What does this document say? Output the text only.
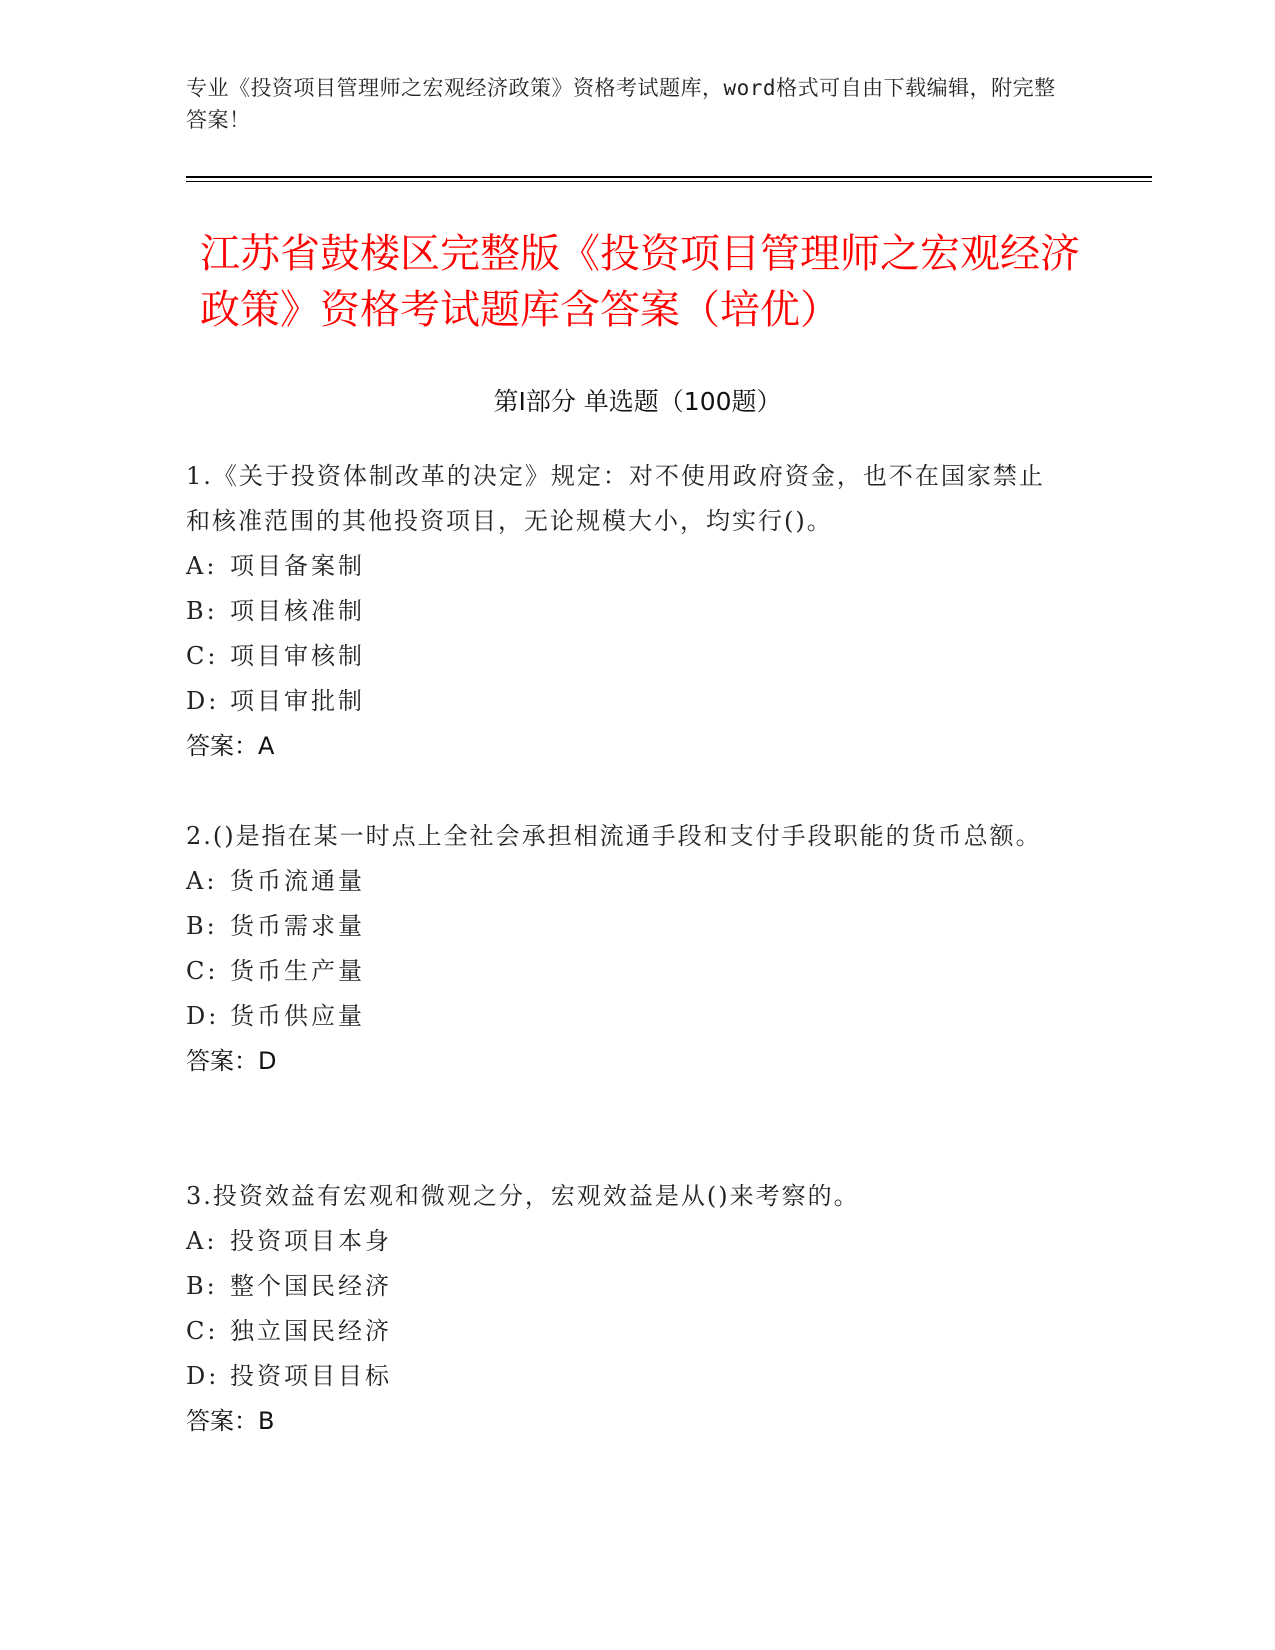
专业《投资项目管理师之宏观经济政策》资格考试题库，word格式可自由下载编辑，附完整答案！
江苏省鼓楼区完整版《投资项目管理师之宏观经济政策》资格考试题库含答案（培优）
第Ⅰ部分 单选题（100题）
1.《关于投资体制改革的决定》规定：对不使用政府资金，也不在国家禁止和核准范围的其他投资项目，无论规模大小，均实行()。
A: 项目备案制
B: 项目核准制
C: 项目审核制
D: 项目审批制
答案：A
2.()是指在某一时点上全社会承担相流通手段和支付手段职能的货币总额。
A: 货币流通量
B: 货币需求量
C: 货币生产量
D: 货币供应量
答案：D
3.投资效益有宏观和微观之分，宏观效益是从()来考察的。
A: 投资项目本身
B: 整个国民经济
C: 独立国民经济
D: 投资项目目标
答案：B
